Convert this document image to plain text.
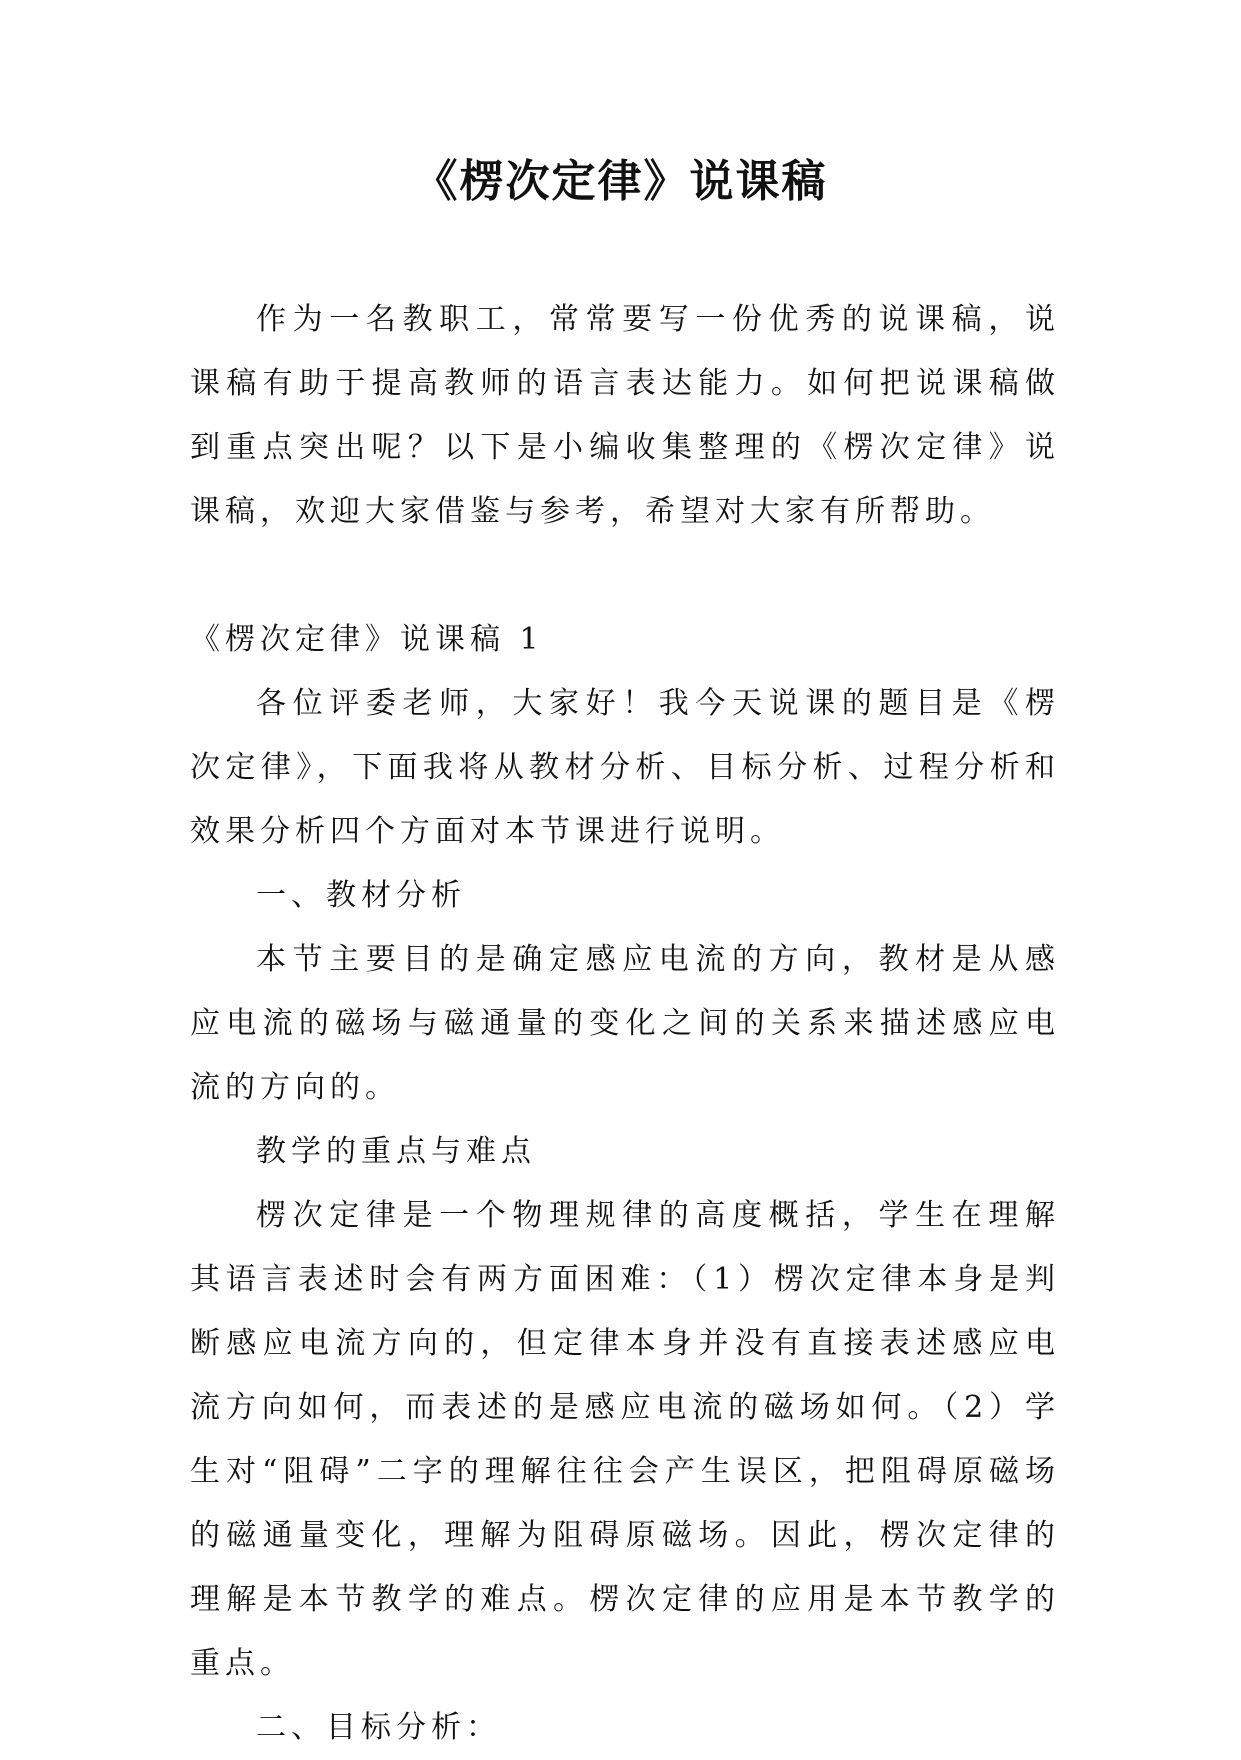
《楞次定律》说课稿

作为一名教职工，常常要写一份优秀的说课稿，说课稿有助于提高教师的语言表达能力。如何把说课稿做到重点突出呢？以下是小编收集整理的《楞次定律》说课稿，欢迎大家借鉴与参考，希望对大家有所帮助。

《楞次定律》说课稿 1

各位评委老师，大家好！我今天说课的题目是《楞次定律》，下面我将从教材分析、目标分析、过程分析和效果分析四个方面对本节课进行说明。

一、教材分析

本节主要目的是确定感应电流的方向，教材是从感应电流的磁场与磁通量的变化之间的关系来描述感应电流的方向的。

教学的重点与难点

楞次定律是一个物理规律的高度概括，学生在理解其语言表述时会有两方面困难：（1）楞次定律本身是判断感应电流方向的，但定律本身并没有直接表述感应电流方向如何，而表述的是感应电流的磁场如何。（2）学生对“阻碍”二字的理解往往会产生误区，把阻碍原磁场的磁通量变化，理解为阻碍原磁场。因此，楞次定律的理解是本节教学的难点。楞次定律的应用是本节教学的重点。

二、目标分析：
